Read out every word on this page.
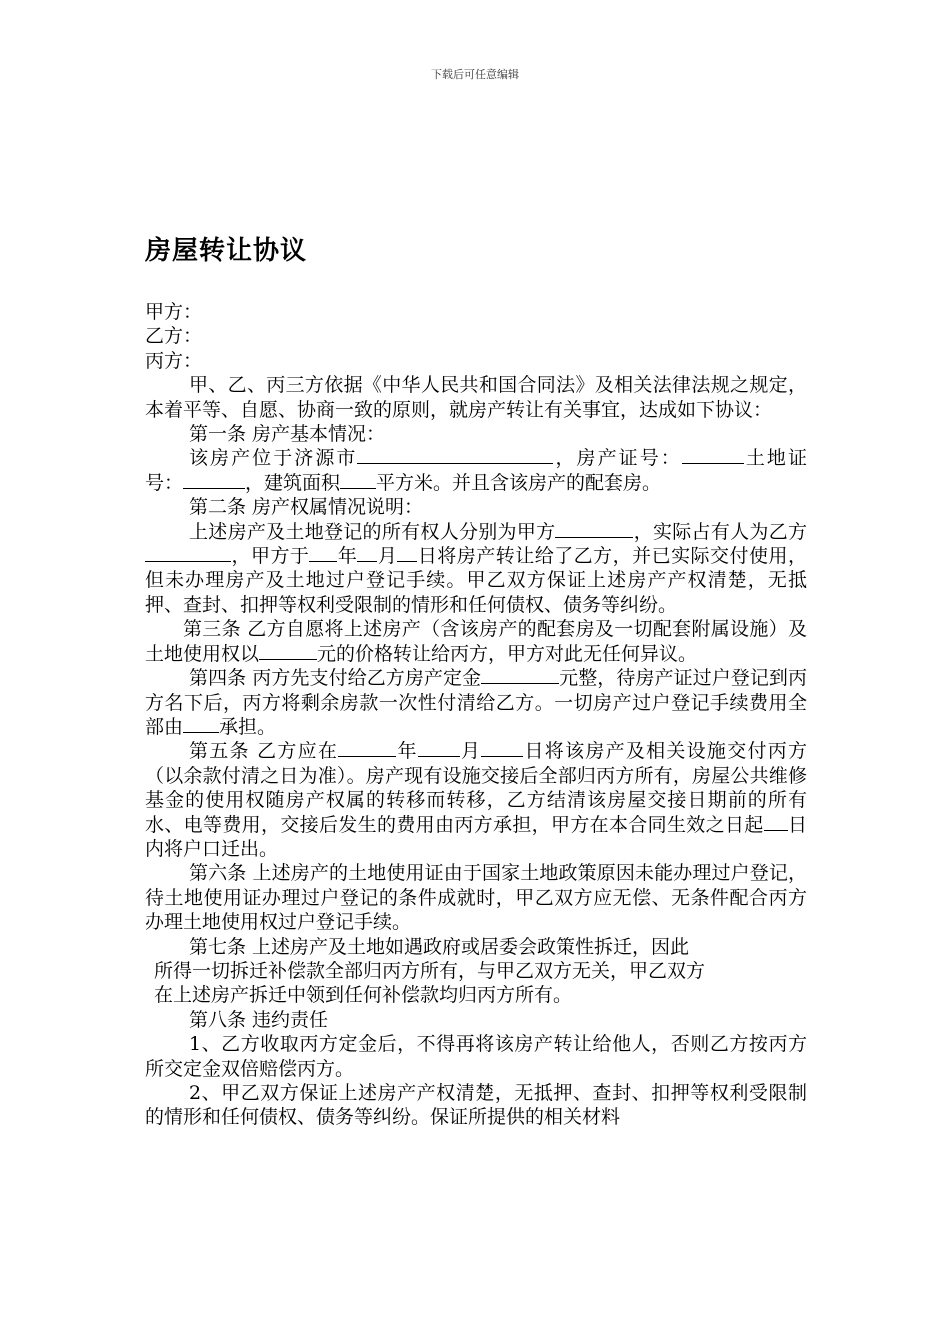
下载后可任意编辑
房屋转让协议

甲方：

乙方：

丙方：

甲、乙、丙三方依据《中华人民共和国合同法》及相关法律法规之规定，本着平等、自愿、协商一致的原则，就房产转让有关事宜，达成如下协议：

第一条 房产基本情况：

该房产位于济源市	，房产证号：	土地证号：	，建筑面积 平方米。并且含该房产的配套房。

第二条 房产权属情况说明：

上述房产及土地登记的所有权人分别为甲方	，实际占有人为乙方 ，甲方于 年 月 日将房产转让给了乙方，并已实际交付使用，但未办理房产及土地过户登记手续。甲乙双方保证上述房产产权清楚，无抵押、查封、扣押等权利受限制的情形和任何债权、债务等纠纷。

第三条 乙方自愿将上述房产（含该房产的配套房及一切配套附属设施）及土地使用权以	元的价格转让给丙方，甲方对此无任何异议。

第四条 丙方先支付给乙方房产定金	元整，待房产证过户登记到丙方名下后，丙方将剩余房款一次性付清给乙方。一切房产过户登记手续费用全部由 承担。

第五条 乙方应在	年 月 日将该房产及相关设施交付丙方（以余款付清之日为准）。房产现有设施交接后全部归丙方所有，房屋公共维修基金的使用权随房产权属的转移而转移，乙方结清该房屋交接日期前的所有水、电等费用，交接后发生的费用由丙方承担，甲方在本合同生效之日起 日内将户口迁出。

第六条 上述房产的土地使用证由于国家土地政策原因未能办理过户登记，待土地使用证办理过户登记的条件成就时，甲乙双方应无偿、无条件配合丙方办理土地使用权过户登记手续。

第七条 上述房产及土地如遇政府或居委会政策性拆迁，因此

所得一切拆迁补偿款全部归丙方所有，与甲乙双方无关，甲乙双方

在上述房产拆迁中领到任何补偿款均归丙方所有。

第八条 违约责任

1、乙方收取丙方定金后，不得再将该房产转让给他人，否则乙方按丙方所交定金双倍赔偿丙方。

2、甲乙双方保证上述房产产权清楚，无抵押、查封、扣押等权利受限制的情形和任何债权、债务等纠纷。保证所提供的相关材料
